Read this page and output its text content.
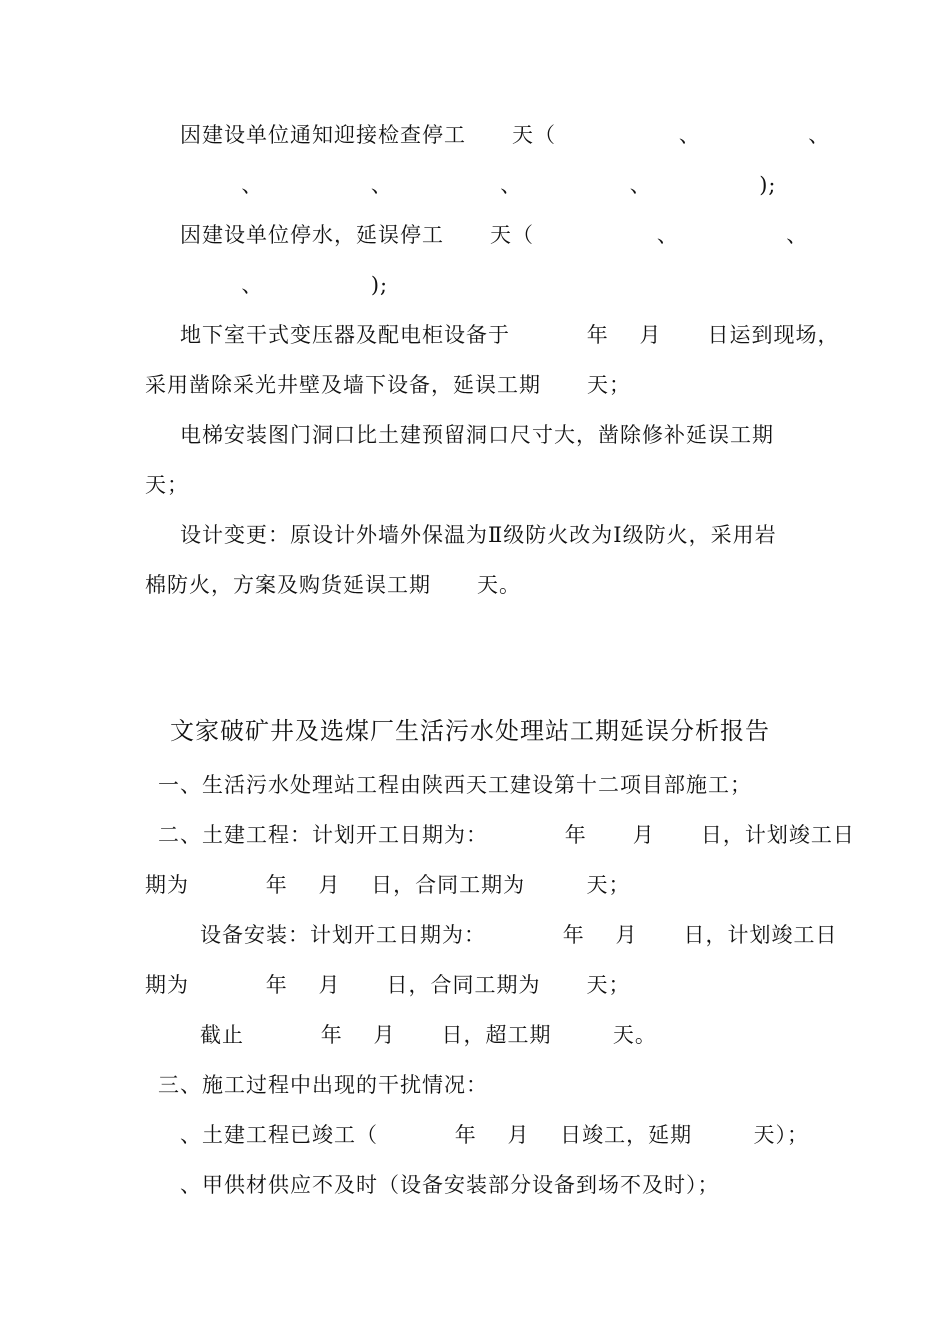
因建设单位通知迎接检查停工      天（                、              、
、              、              、              、              );
因建设单位停水，延误停工      天（                、              、
、              );
地下室干式变压器及配电柜设备于          年    月      日运到现场，
采用凿除采光井壁及墙下设备，延误工期      天；
电梯安装图门洞口比土建预留洞口尺寸大，凿除修补延误工期
天；
设计变更：原设计外墙外保温为Ⅱ级防火改为Ⅰ级防火，采用岩
棉防火，方案及购货延误工期      天。
文家破矿井及选煤厂生活污水处理站工期延误分析报告
一、生活污水处理站工程由陕西天工建设第十二项目部施工；
二、土建工程：计划开工日期为：          年      月      日，计划竣工日
期为          年    月    日，合同工期为        天；
设备安装：计划开工日期为：          年    月      日，计划竣工日
期为          年    月      日，合同工期为      天；
截止          年    月      日，超工期        天。
三、施工过程中出现的干扰情况：
、土建工程已竣工（          年    月    日竣工，延期        天）；
、甲供材供应不及时（设备安装部分设备到场不及时）；
